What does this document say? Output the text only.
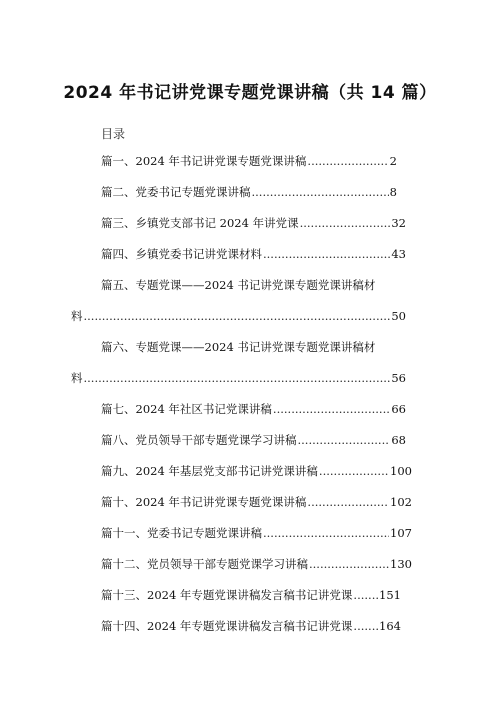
2024 年书记讲党课专题党课讲稿（共 14 篇）
目录
篇一、2024 年书记讲党课专题党课讲稿 .....	2
篇二、党委书记专题党课讲稿 .....	8
篇三、乡镇党支部书记 2024 年讲党课 .....	32
篇四、乡镇党委书记讲党课材料 .....	43
篇五、专题党课——2024 书记讲党课专题党课讲稿材
料 .....	50
篇六、专题党课——2024 书记讲党课专题党课讲稿材
料 .....	56
篇七、2024 年社区书记党课讲稿 .....	66
篇八、党员领导干部专题党课学习讲稿 .....	68
篇九、2024 年基层党支部书记讲党课讲稿 .....	100
篇十、2024 年书记讲党课专题党课讲稿 .....	102
篇十一、党委书记专题党课讲稿 .....	107
篇十二、党员领导干部专题党课学习讲稿 .....	130
篇十三、2024 年专题党课讲稿发言稿书记讲党课 ..... 151
篇十四、2024 年专题党课讲稿发言稿书记讲党课 ..... 164
